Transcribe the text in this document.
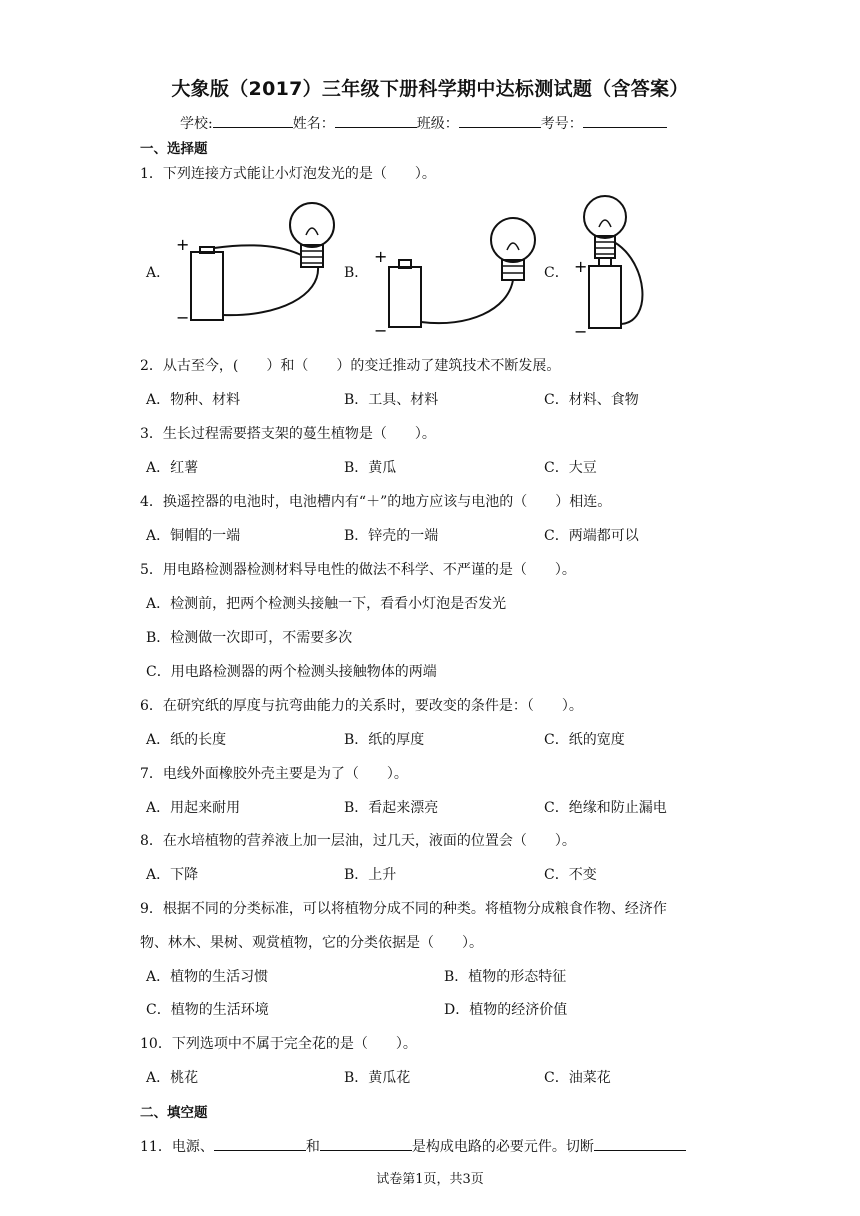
大象版（2017）三年级下册科学期中达标测试题（含答案）
学校:	姓名：	班级：	考号：
一、选择题
1．下列连接方式能让小灯泡发光的是（　　）。
A．	B．	C．
+
−
+
−
+
−
2．从古至今，(　　）和（　　）的变迁推动了建筑技术不断发展。
A．物种、材料	B．工具、材料	C．材料、食物
3．生长过程需要搭支架的蔓生植物是（　　）。
A．红薯	B．黄瓜	C．大豆
4．换遥控器的电池时，电池槽内有“＋”的地方应该与电池的（　　）相连。
A．铜帽的一端	B．锌壳的一端	C．两端都可以
5．用电路检测器检测材料导电性的做法不科学、不严谨的是（　　）。
A．检测前，把两个检测头接触一下，看看小灯泡是否发光
B．检测做一次即可，不需要多次
C．用电路检测器的两个检测头接触物体的两端
6．在研究纸的厚度与抗弯曲能力的关系时，要改变的条件是：（　　）。
A．纸的长度	B．纸的厚度	C．纸的宽度
7．电线外面橡胶外壳主要是为了（　　）。
A．用起来耐用	B．看起来漂亮	C．绝缘和防止漏电
8．在水培植物的营养液上加一层油，过几天，液面的位置会（　　）。
A．下降	B．上升	C．不变
9．根据不同的分类标准，可以将植物分成不同的种类。将植物分成粮食作物、经济作
物、林木、果树、观赏植物，它的分类依据是（　　）。
A．植物的生活习惯	B．植物的形态特征
C．植物的生活环境	D．植物的经济价值
10．下列选项中不属于完全花的是（　　）。
A．桃花	B．黄瓜花	C．油菜花
二、填空题
11．电源、	和	是构成电路的必要元件。切断
试卷第1页，共3页
